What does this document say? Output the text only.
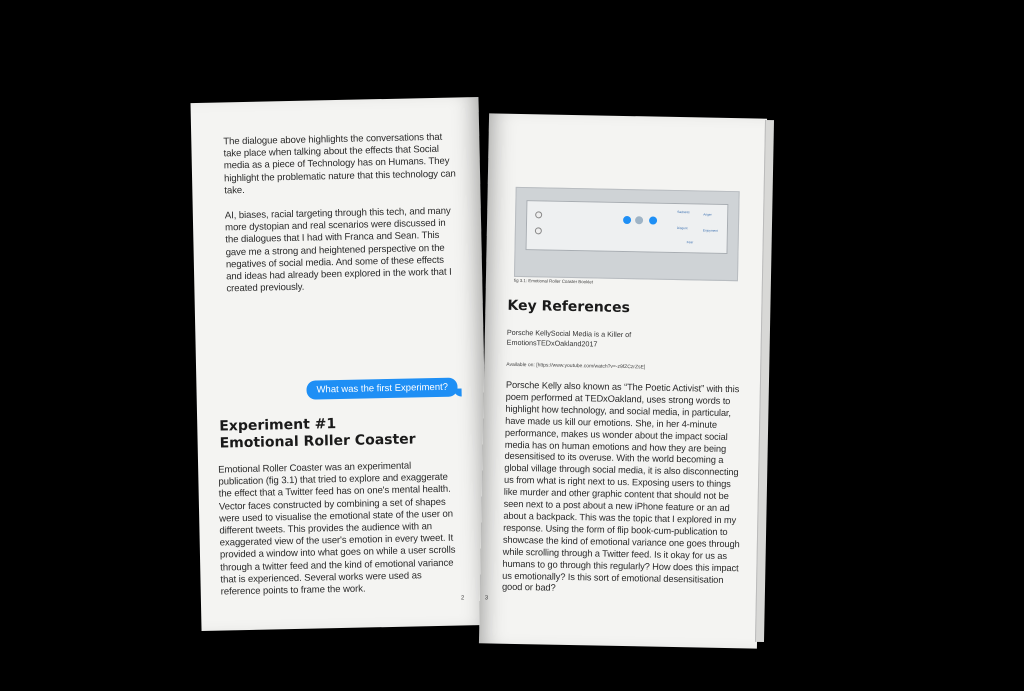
The dialogue above highlights the conversations that take place when talking about the effects that Social media as a piece of Technology has on Humans. They highlight the problematic nature that this technology can take.

AI, biases, racial targeting through this tech, and many more dystopian and real scenarios were discussed in the dialogues that I had with Franca and Sean. This gave me a strong and heightened perspective on the negatives of social media. And some of these effects and ideas had already been explored in the work that I created previously.

What was the first Experiment?
Experiment #1
Emotional Roller Coaster

Emotional Roller Coaster was an experimental publication (fig 3.1) that tried to explore and exaggerate the effect that a Twitter feed has on one's mental health. Vector faces constructed by combining a set of shapes were used to visualise the emotional state of the user on different tweets. This provides the audience with an exaggerated view of the user's emotion in every tweet. It provided a window into what goes on while a user scrolls through a twitter feed and the kind of emotional variance that is experienced. Several works were used as reference points to frame the work.

2
Sadness
Anger
Disgust
Enjoyment
Fear
fig 3.1: Emotional Roller Coaster Booklet
Key References

Porsche KellySocial Media is a Killer of EmotionsTEDxOakland2017

Available on: [https://www.youtube.com/watch?v=-z9fZCzrZsE]

Porsche Kelly also known as “The Poetic Activist” with this poem performed at TEDxOakland, uses strong words to highlight how technology, and social media, in particular, have made us kill our emotions. She, in her 4-minute performance, makes us wonder about the impact social media has on human emotions and how they are being desensitised to its overuse. With the world becoming a global village through social media, it is also disconnecting us from what is right next to us. Exposing users to things like murder and other graphic content that should not be seen next to a post about a new iPhone feature or an ad about a backpack. This was the topic that I explored in my response. Using the form of flip book-cum-publication to showcase the kind of emotional variance one goes through while scrolling through a Twitter feed. Is it okay for us as humans to go through this regularly? How does this impact us emotionally? Is this sort of emotional desensitisation good or bad?

3
